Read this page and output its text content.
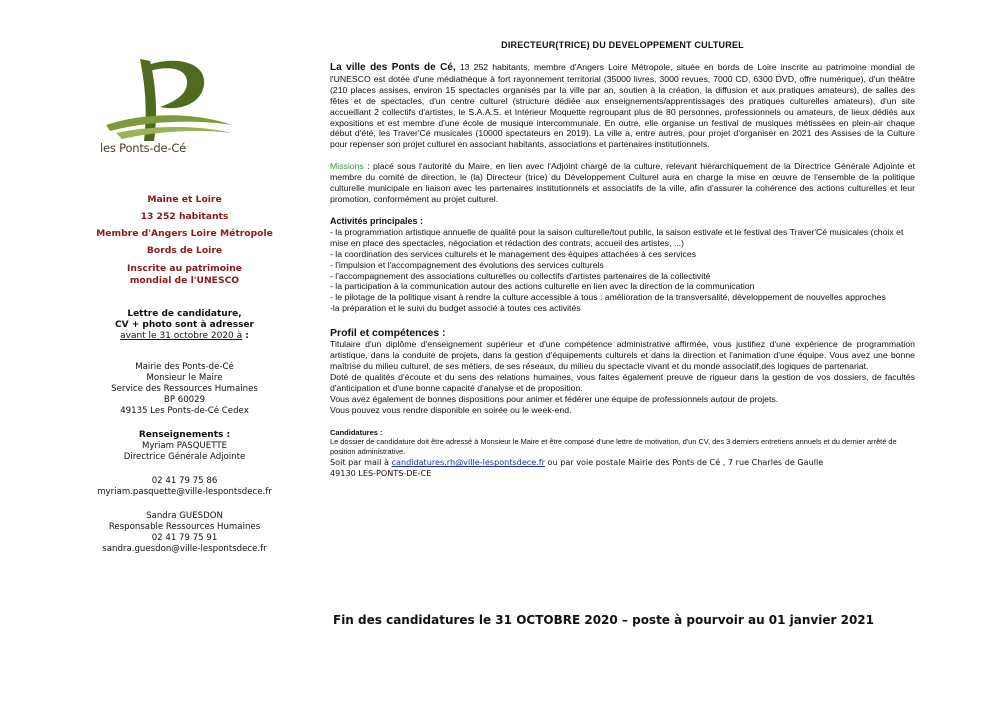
les Ponts-de-Cé
Maine et Loire
13 252 habitants
Membre d'Angers Loire Métropole
Bords de Loire
Inscrite au patrimoine
mondial de l'UNESCO
Lettre de candidature,
CV + photo sont à adresser
avant le 31 octobre 2020 à :
Mairie des Ponts-de-Cé
Monsieur le Maire
Service des Ressources Humaines
BP 60029
49135 Les Ponts-de-Cé Cedex
Renseignements :
Myriam PASQUETTE
Directrice Générale Adjointe
02 41 79 75 86
myriam.pasquette@ville-lespontsdece.fr
Sandra GUESDON
Responsable Ressources Humaines
02 41 79 75 91
sandra.guesdon@ville-lespontsdece.fr
DIRECTEUR(TRICE) DU DEVELOPPEMENT CULTUREL

La ville des Ponts de Cé, 13 252 habitants, membre d'Angers Loire Métropole, située en bords de Loire inscrite au patrimoine mondial de l'UNESCO est dotée d'une médiathèque à fort rayonnement territorial (35000 livres, 3000 revues, 7000 CD, 6300 DVD, offre numérique), d'un théâtre (210 places assises, environ 15 spectacles organisés par la ville par an, soutien à la création, la diffusion et aux pratiques amateurs), de salles des fêtes et de spectacles, d'un centre culturel (structure dédiée aux enseignements/apprentissages des pratiques culturelles amateurs), d'un site accueillant 2 collectifs d'artistes, le S.A.A.S. et Intérieur Moquette regroupant plus de 80 personnes, professionnels ou amateurs, de lieux dédiés aux expositions et est membre d'une école de musique intercommunale. En outre, elle organise un festival de musiques métissées en plein-air chaque début d'été, les Traver'Cé musicales (10000 spectateurs en 2019). La ville a, entre autres, pour projet d'organiser en 2021 des Assises de la Culture pour repenser son projet culturel en associant habitants, associations et partenaires institutionnels.

Missions : placé sous l'autorité du Maire, en lien avec l'Adjoint chargé de la culture, relevant hiérarchiquement de la Directrice Générale Adjointe et membre du comité de direction, le (la) Directeur (trice) du Développement Culturel aura en charge la mise en œuvre de l'ensemble de la politique culturelle municipale en liaison avec les partenaires institutionnels et associatifs de la ville, afin d'assurer la cohérence des actions culturelles et leur promotion, conformément au projet culturel.

Activités principales :
- la programmation artistique annuelle de qualité pour la saison culturelle/tout public, la saison estivale et le festival des Traver'Cé musicales (choix et mise en place des spectacles, négociation et rédaction des contrats, accueil des artistes, ...)
- la coordination des services culturels et le management des équipes attachées à ces services
- l'impulsion et l'accompagnement des évolutions des services culturels
- l'accompagnement des associations culturelles ou collectifs d'artistes partenaires de la collectivité
- la participation à la communication autour des actions culturelle en lien avec la direction de la communication
- le pilotage de la politique visant à rendre la culture accessible à tous : amélioration de la transversalité, développement de nouvelles approches
-la préparation et le suivi du budget associé à toutes ces activités
Profil et compétences :

Titulaire d'un diplôme d'enseignement supérieur et d'une compétence administrative affirmée, vous justifiez d'une expérience de programmation artistique, dans la conduite de projets, dans la gestion d'équipements culturels et dans la direction et l'animation d'une équipe. Vous avez une bonne maîtrise du milieu culturel, de ses métiers, de ses réseaux, du milieu du spectacle vivant et du monde associatif,des logiques de partenariat.

Doté de qualités d'écoute et du sens des relations humaines, vous faites également preuve de rigueur dans la gestion de vos dossiers, de facultés d'anticipation et d'une bonne capacité d'analyse et de proposition.

Vous avez également de bonnes dispositions pour animer et fédérer une équipe de professionnels autour de projets.

Vous pouvez vous rendre disponible en soirée ou le week-end.

Candidatures :
Le dossier de candidature doit être adressé à Monsieur le Maire et être composé d'une lettre de motivation, d'un CV, des 3 derniers entretiens annuels et du dernier arrêté de position administrative.
Soit par mail à candidatures.rh@ville-lespontsdece.fr ou par voie postale Mairie des Ponts de Cé , 7 rue Charles de Gaulle
49130 LES-PONTS-DE-CE
Fin des candidatures le 31 OCTOBRE 2020 – poste à pourvoir au 01 janvier 2021
